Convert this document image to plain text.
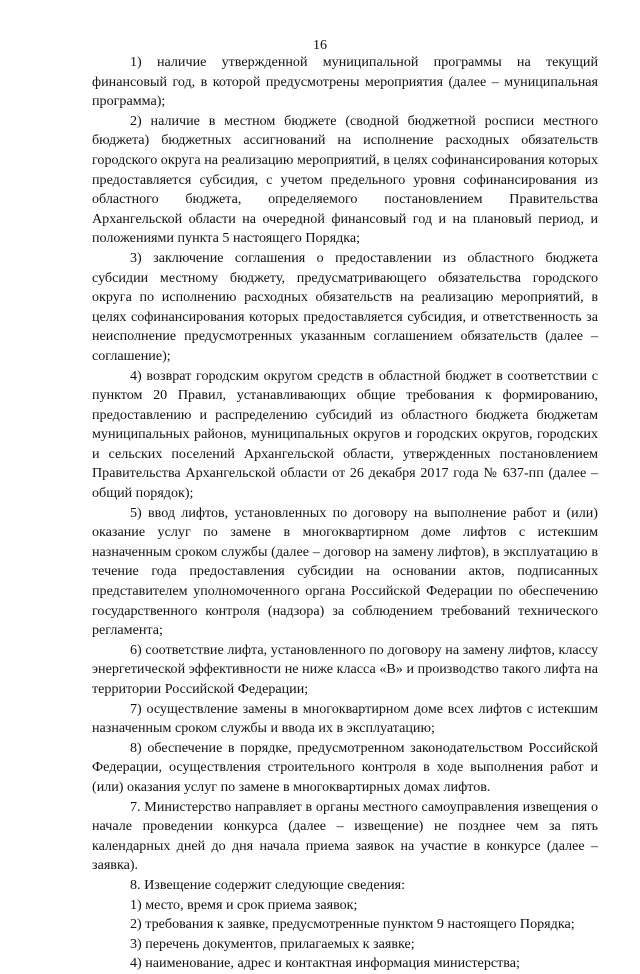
16

1) наличие утвержденной муниципальной программы на текущий финансовый год, в которой предусмотрены мероприятия (далее – муниципальная программа);

2) наличие в местном бюджете (сводной бюджетной росписи местного бюджета) бюджетных ассигнований на исполнение расходных обязательств городского округа на реализацию мероприятий, в целях софинансирования которых предоставляется субсидия, с учетом предельного уровня софинансирования из областного бюджета, определяемого постановлением Правительства Архангельской области на очередной финансовый год и на плановый период, и положениями пункта 5 настоящего Порядка;

3) заключение соглашения о предоставлении из областного бюджета субсидии местному бюджету, предусматривающего обязательства городского округа по исполнению расходных обязательств на реализацию мероприятий, в целях софинансирования которых предоставляется субсидия, и ответственность за неисполнение предусмотренных указанным соглашением обязательств (далее – соглашение);

4) возврат городским округом средств в областной бюджет в соответствии с пунктом 20 Правил, устанавливающих общие требования к формированию, предоставлению и распределению субсидий из областного бюджета бюджетам муниципальных районов, муниципальных округов и городских округов, городских и сельских поселений Архангельской области, утвержденных постановлением Правительства Архангельской области от 26 декабря 2017 года № 637-пп (далее – общий порядок);

5) ввод лифтов, установленных по договору на выполнение работ и (или) оказание услуг по замене в многоквартирном доме лифтов с истекшим назначенным сроком службы (далее – договор на замену лифтов), в эксплуатацию в течение года предоставления субсидии на основании актов, подписанных представителем уполномоченного органа Российской Федерации по обеспечению государственного контроля (надзора) за соблюдением требований технического регламента;

6) соответствие лифта, установленного по договору на замену лифтов, классу энергетической эффективности не ниже класса «B» и производство такого лифта на территории Российской Федерации;

7) осуществление замены в многоквартирном доме всех лифтов с истекшим назначенным сроком службы и ввода их в эксплуатацию;

8) обеспечение в порядке, предусмотренном законодательством Российской Федерации, осуществления строительного контроля в ходе выполнения работ и (или) оказания услуг по замене в многоквартирных домах лифтов.

7. Министерство направляет в органы местного самоуправления извещения о начале проведении конкурса (далее – извещение) не позднее чем за пять календарных дней до дня начала приема заявок на участие в конкурсе (далее – заявка).

8. Извещение содержит следующие сведения:

1) место, время и срок приема заявок;

2) требования к заявке, предусмотренные пунктом 9 настоящего Порядка;

3) перечень документов, прилагаемых к заявке;

4) наименование, адрес и контактная информация министерства;
